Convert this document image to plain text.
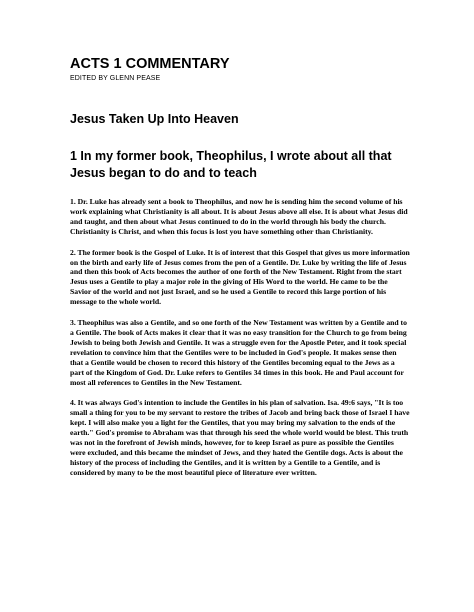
ACTS 1 COMMENTARY
EDITED BY GLENN PEASE
Jesus Taken Up Into Heaven
1 In my former book, Theophilus, I wrote about all that Jesus began to do and to teach

1. Dr. Luke has already sent a book to Theophilus, and now he is sending him the second volume of his work explaining what Christianity is all about. It is about Jesus above all else. It is about what Jesus did and taught, and then about what Jesus continued to do in the world through his body the church. Christianity is Christ, and when this focus is lost you have something other than Christianity.

2. The former book is the Gospel of Luke. It is of interest that this Gospel that gives us more information on the birth and early life of Jesus comes from the pen of a Gentile. Dr. Luke by writing the life of Jesus and then this book of Acts becomes the author of one forth of the New Testament. Right from the start Jesus uses a Gentile to play a major role in the giving of His Word to the world. He came to be the Savior of the world and not just Israel, and so he used a Gentile to record this large portion of his message to the whole world.

3. Theophilus was also a Gentile, and so one forth of the New Testament was written by a Gentile and to a Gentile. The book of Acts makes it clear that it was no easy transition for the Church to go from being Jewish to being both Jewish and Gentile. It was a struggle even for the Apostle Peter, and it took special revelation to convince him that the Gentiles were to be included in God's people. It makes sense then that a Gentile would be chosen to record this history of the Gentiles becoming equal to the Jews as a part of the Kingdom of God. Dr. Luke refers to Gentiles 34 times in this book. He and Paul account for most all references to Gentiles in the New Testament.

4. It was always God's intention to include the Gentiles in his plan of salvation. Isa. 49:6 says, "It is too small a thing for you to be my servant to restore the tribes of Jacob and bring back those of Israel I have kept. I will also make you a light for the Gentiles, that you may bring my salvation to the ends of the earth." God's promise to Abraham was that through his seed the whole world would be blest. This truth was not in the forefront of Jewish minds, however, for to keep Israel as pure as possible the Gentiles were excluded, and this became the mindset of Jews, and they hated the Gentile dogs. Acts is about the history of the process of including the Gentiles, and it is written by a Gentile to a Gentile, and is considered by many to be the most beautiful piece of literature ever written.
